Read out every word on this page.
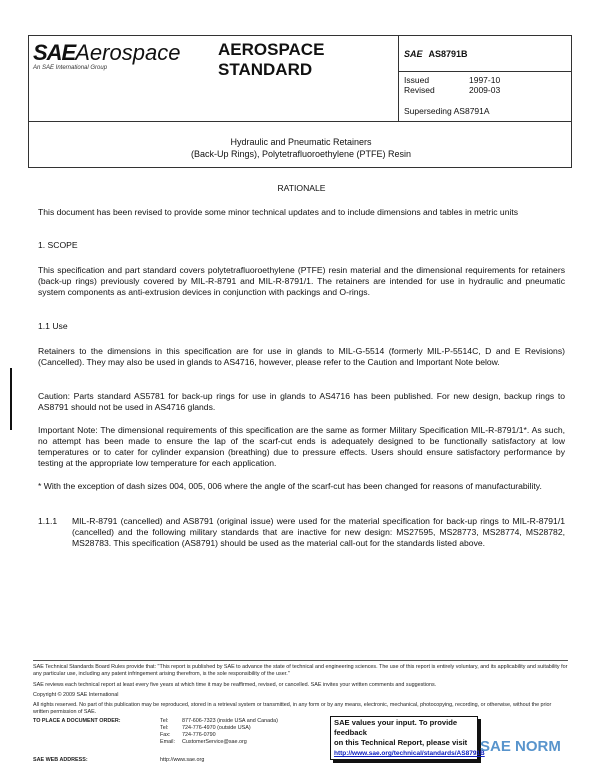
SAEAerospace
An SAE International Group
AEROSPACE
STANDARD
SAE AS8791B
Issued	1997-10
Revised	2009-03
Superseding AS8791A
Hydraulic and Pneumatic Retainers
(Back-Up Rings), Polytetrafluoroethylene (PTFE) Resin
RATIONALE
This document has been revised to provide some minor technical updates and to include dimensions and tables in metric units
1. SCOPE
This specification and part standard covers polytetrafluoroethylene (PTFE) resin material and the dimensional requirements for retainers (back-up rings) previously covered by MIL-R-8791 and MIL-R-8791/1. The retainers are intended for use in hydraulic and pneumatic system components as anti-extrusion devices in conjunction with packings and O-rings.
1.1 Use
Retainers to the dimensions in this specification are for use in glands to MIL-G-5514 (formerly MIL-P-5514C, D and E Revisions) (Cancelled). They may also be used in glands to AS4716, however, please refer to the Caution and Important Note below.
Caution: Parts standard AS5781 for back-up rings for use in glands to AS4716 has been published. For new design, backup rings to AS8791 should not be used in AS4716 glands.
Important Note: The dimensional requirements of this specification are the same as former Military Specification MIL-R-8791/1*. As such, no attempt has been made to ensure the lap of the scarf-cut ends is adequately designed to be functionally satisfactory at low temperatures or to cater for cylinder expansion (breathing) due to pressure effects. Users should ensure satisfactory performance by testing at the appropriate low temperature for each application.
* With the exception of dash sizes 004, 005, 006 where the angle of the scarf-cut has been changed for reasons of manufacturability.
1.1.1	MIL-R-8791 (cancelled) and AS8791 (original issue) were used for the material specification for back-up rings to MIL-R-8791/1 (cancelled) and the following military standards that are inactive for new design: MS27595, MS28773, MS28774, MS28782, MS28783. This specification (AS8791) should be used as the material call-out for the standards listed above.
SAE Technical Standards Board Rules provide that: "This report is published by SAE to advance the state of technical and engineering sciences. The use of this report is entirely voluntary, and its applicability and suitability for any particular use, including any patent infringement arising therefrom, is the sole responsibility of the user."
SAE reviews each technical report at least every five years at which time it may be reaffirmed, revised, or cancelled. SAE invites your written comments and suggestions.
Copyright © 2009 SAE International
All rights reserved. No part of this publication may be reproduced, stored in a retrieval system or transmitted, in any form or by any means, electronic, mechanical, photocopying, recording, or otherwise, without the prior written permission of SAE.
TO PLACE A DOCUMENT ORDER:	Tel:	877-606-7323 (inside USA and Canada)
Tel:	724-776-4970 (outside USA)
Fax: 724-776-0790
Email: CustomerService@sae.org
SAE WEB ADDRESS:	http://www.sae.org
SAE values your input. To provide feedback
on this Technical Report, please visit
http://www.sae.org/technical/standards/AS8791B
SAE NORM
